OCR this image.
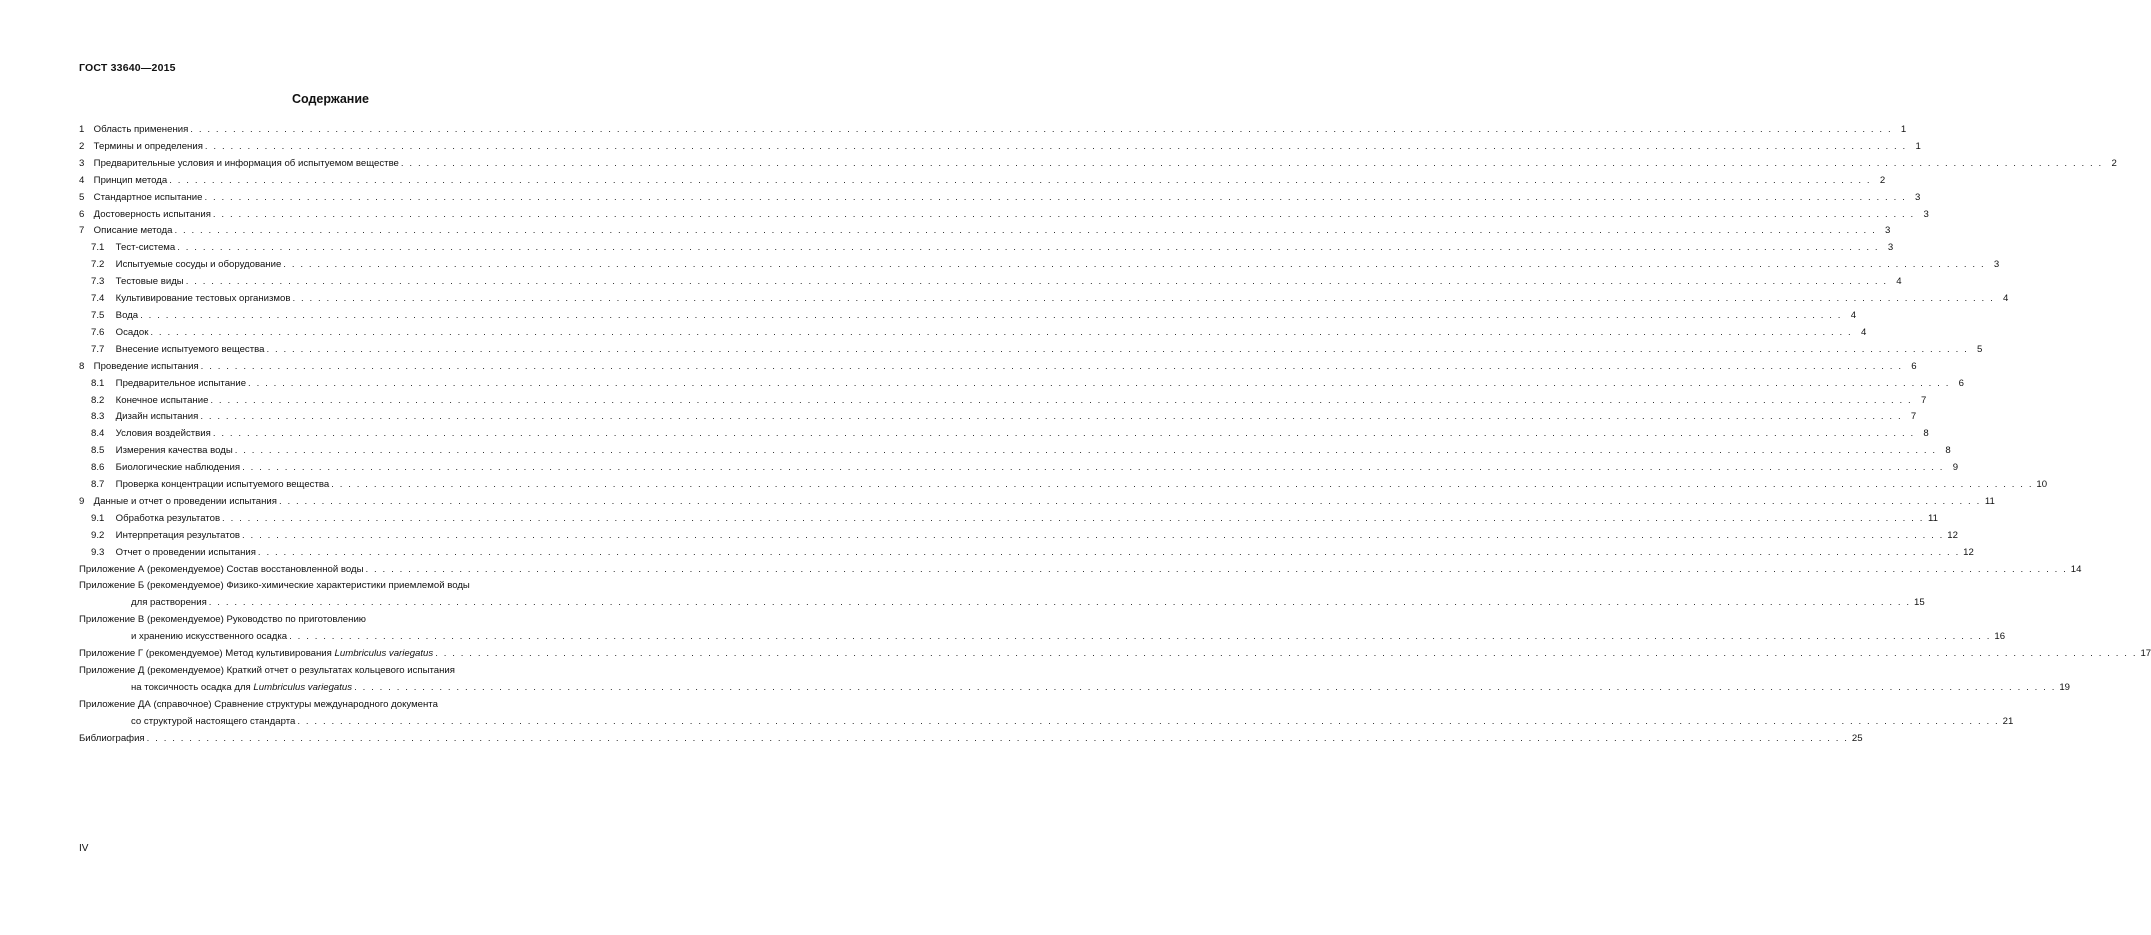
ГОСТ 33640—2015
Содержание
1 Область применения . . . . . . . . . . . . . . . . . . . . . . . . . . . . . . . . . . . . . . . . . . . . . . . . . . . . . . . . . . . . . . . . . . . . . . . . . . . . . . . . . . . . . . . . . . . . . . . . . . . . . . . . . . . . . . . . . . . . . . . . . . . . . . . . . . . . . . . . . . . . . . . . . . . . . . . . . . . . . . . . . . . . . . . . . . . . . . . . . . . . . . . . . . . . . . . . . . . . . . . . 1
2 Термины и определения . . . . . . . . . . . . . . . . . . . . . . . . . . . . . . . . . . . . . . . . . . . . . . . . . . . . . . . . . . . . . . . . . . . . . . . . . . . . . . . . . . . . . . . . . . . . . . . . . . . . . . . . . . . . . . . . . . . . . . . . . . . . . . . . . . . . . . . . . . . . . . . . . . . . . . . . . . . . . . . . . . . . . . . . . . . . . . . . . . . . . . . . . . . . . . . . . . . . . . . . 1
3 Предварительные условия и информация об испытуемом веществе . . . . . . . . . . . . . . . . . . . . . . . . . . . . . . . . . . . . . . . . . . . . . . . . . . . . . . . . . . . . . . . . . . . . . . . . . . . . . . . . . . . . . . . . . . . . . . . . . . . . . . . . . . . . . . . . . . . . . . . . . . . . . . . . . . . . . . . . . . . . . . . . . . . . . . . . . . . . . . . . . . . . . . . . . . . . . . . . . . . . . . . . . . . . . . . . . . . . . . . . 2
4 Принцип метода . . . . . . . . . . . . . . . . . . . . . . . . . . . . . . . . . . . . . . . . . . . . . . . . . . . . . . . . . . . . . . . . . . . . . . . . . . . . . . . . . . . . . . . . . . . . . . . . . . . . . . . . . . . . . . . . . . . . . . . . . . . . . . . . . . . . . . . . . . . . . . . . . . . . . . . . . . . . . . . . . . . . . . . . . . . . . . . . . . . . . . . . . . . . . . . . . . . . . . . . 2
5 Стандартное испытание . . . . . . . . . . . . . . . . . . . . . . . . . . . . . . . . . . . . . . . . . . . . . . . . . . . . . . . . . . . . . . . . . . . . . . . . . . . . . . . . . . . . . . . . . . . . . . . . . . . . . . . . . . . . . . . . . . . . . . . . . . . . . . . . . . . . . . . . . . . . . . . . . . . . . . . . . . . . . . . . . . . . . . . . . . . . . . . . . . . . . . . . . . . . . . . . . . . . . . . . 3
6 Достоверность испытания . . . . . . . . . . . . . . . . . . . . . . . . . . . . . . . . . . . . . . . . . . . . . . . . . . . . . . . . . . . . . . . . . . . . . . . . . . . . . . . . . . . . . . . . . . . . . . . . . . . . . . . . . . . . . . . . . . . . . . . . . . . . . . . . . . . . . . . . . . . . . . . . . . . . . . . . . . . . . . . . . . . . . . . . . . . . . . . . . . . . . . . . . . . . . . . . . . . . . . . . 3
7 Описание метода . . . . . . . . . . . . . . . . . . . . . . . . . . . . . . . . . . . . . . . . . . . . . . . . . . . . . . . . . . . . . . . . . . . . . . . . . . . . . . . . . . . . . . . . . . . . . . . . . . . . . . . . . . . . . . . . . . . . . . . . . . . . . . . . . . . . . . . . . . . . . . . . . . . . . . . . . . . . . . . . . . . . . . . . . . . . . . . . . . . . . . . . . . . . . . . . . . . . . . . . 3
7.1 Тест-система . . . . . . . . . . . . . . . . . . . . . . . . . . . . . . . . . . . . . . . . . . . . . . . . . . . . . . . . . . . . . . . . . . . . . . . . . . . . . . . . . . . . . . . . . . . . . . . . . . . . . . . . . . . . . . . . . . . . . . . . . . . . . . . . . . . . . . . . . . . . . . . . . . . . . . . . . . . . . . . . . . . . . . . . . . . . . . . . . . . . . . . . . . . . . . . . . . . . . . . . 3
7.2 Испытуемые сосуды и оборудование . . . . . . . . . . . . . . . . . . . . . . . . . . . . . . . . . . . . . . . . . . . . . . . . . . . . . . . . . . . . . . . . . . . . . . . . . . . . . . . . . . . . . . . . . . . . . . . . . . . . . . . . . . . . . . . . . . . . . . . . . . . . . . . . . . . . . . . . . . . . . . . . . . . . . . . . . . . . . . . . . . . . . . . . . . . . . . . . . . . . . . . . . . . . . . . . . . . . . . . . 3
7.3 Тестовые виды . . . . . . . . . . . . . . . . . . . . . . . . . . . . . . . . . . . . . . . . . . . . . . . . . . . . . . . . . . . . . . . . . . . . . . . . . . . . . . . . . . . . . . . . . . . . . . . . . . . . . . . . . . . . . . . . . . . . . . . . . . . . . . . . . . . . . . . . . . . . . . . . . . . . . . . . . . . . . . . . . . . . . . . . . . . . . . . . . . . . . . . . . . . . . . . . . . . . . . . . 4
7.4 Культивирование тестовых организмов . . . . . . . . . . . . . . . . . . . . . . . . . . . . . . . . . . . . . . . . . . . . . . . . . . . . . . . . . . . . . . . . . . . . . . . . . . . . . . . . . . . . . . . . . . . . . . . . . . . . . . . . . . . . . . . . . . . . . . . . . . . . . . . . . . . . . . . . . . . . . . . . . . . . . . . . . . . . . . . . . . . . . . . . . . . . . . . . . . . . . . . . . . . . . . . . . . . . . . . . 4
7.5 Вода . . . . . . . . . . . . . . . . . . . . . . . . . . . . . . . . . . . . . . . . . . . . . . . . . . . . . . . . . . . . . . . . . . . . . . . . . . . . . . . . . . . . . . . . . . . . . . . . . . . . . . . . . . . . . . . . . . . . . . . . . . . . . . . . . . . . . . . . . . . . . . . . . . . . . . . . . . . . . . . . . . . . . . . . . . . . . . . . . . . . . . . . . . . . . . . . . . . . . . . . 4
7.6 Осадок . . . . . . . . . . . . . . . . . . . . . . . . . . . . . . . . . . . . . . . . . . . . . . . . . . . . . . . . . . . . . . . . . . . . . . . . . . . . . . . . . . . . . . . . . . . . . . . . . . . . . . . . . . . . . . . . . . . . . . . . . . . . . . . . . . . . . . . . . . . . . . . . . . . . . . . . . . . . . . . . . . . . . . . . . . . . . . . . . . . . . . . . . . . . . . . . . . . . . . . . 4
7.7 Внесение испытуемого вещества . . . . . . . . . . . . . . . . . . . . . . . . . . . . . . . . . . . . . . . . . . . . . . . . . . . . . . . . . . . . . . . . . . . . . . . . . . . . . . . . . . . . . . . . . . . . . . . . . . . . . . . . . . . . . . . . . . . . . . . . . . . . . . . . . . . . . . . . . . . . . . . . . . . . . . . . . . . . . . . . . . . . . . . . . . . . . . . . . . . . . . . . . . . . . . . . . . . . . . . . 5
8 Проведение испытания . . . . . . . . . . . . . . . . . . . . . . . . . . . . . . . . . . . . . . . . . . . . . . . . . . . . . . . . . . . . . . . . . . . . . . . . . . . . . . . . . . . . . . . . . . . . . . . . . . . . . . . . . . . . . . . . . . . . . . . . . . . . . . . . . . . . . . . . . . . . . . . . . . . . . . . . . . . . . . . . . . . . . . . . . . . . . . . . . . . . . . . . . . . . . . . . . . . . . . . . 6
8.1 Предварительное испытание . . . . . . . . . . . . . . . . . . . . . . . . . . . . . . . . . . . . . . . . . . . . . . . . . . . . . . . . . . . . . . . . . . . . . . . . . . . . . . . . . . . . . . . . . . . . . . . . . . . . . . . . . . . . . . . . . . . . . . . . . . . . . . . . . . . . . . . . . . . . . . . . . . . . . . . . . . . . . . . . . . . . . . . . . . . . . . . . . . . . . . . . . . . . . . . . . . . . . . . . 6
8.2 Конечное испытание . . . . . . . . . . . . . . . . . . . . . . . . . . . . . . . . . . . . . . . . . . . . . . . . . . . . . . . . . . . . . . . . . . . . . . . . . . . . . . . . . . . . . . . . . . . . . . . . . . . . . . . . . . . . . . . . . . . . . . . . . . . . . . . . . . . . . . . . . . . . . . . . . . . . . . . . . . . . . . . . . . . . . . . . . . . . . . . . . . . . . . . . . . . . . . . . . . . . . . . . 7
8.3 Дизайн испытания . . . . . . . . . . . . . . . . . . . . . . . . . . . . . . . . . . . . . . . . . . . . . . . . . . . . . . . . . . . . . . . . . . . . . . . . . . . . . . . . . . . . . . . . . . . . . . . . . . . . . . . . . . . . . . . . . . . . . . . . . . . . . . . . . . . . . . . . . . . . . . . . . . . . . . . . . . . . . . . . . . . . . . . . . . . . . . . . . . . . . . . . . . . . . . . . . . . . . . . . 7
8.4 Условия воздействия . . . . . . . . . . . . . . . . . . . . . . . . . . . . . . . . . . . . . . . . . . . . . . . . . . . . . . . . . . . . . . . . . . . . . . . . . . . . . . . . . . . . . . . . . . . . . . . . . . . . . . . . . . . . . . . . . . . . . . . . . . . . . . . . . . . . . . . . . . . . . . . . . . . . . . . . . . . . . . . . . . . . . . . . . . . . . . . . . . . . . . . . . . . . . . . . . . . . . . . . 8
8.5 Измерения качества воды . . . . . . . . . . . . . . . . . . . . . . . . . . . . . . . . . . . . . . . . . . . . . . . . . . . . . . . . . . . . . . . . . . . . . . . . . . . . . . . . . . . . . . . . . . . . . . . . . . . . . . . . . . . . . . . . . . . . . . . . . . . . . . . . . . . . . . . . . . . . . . . . . . . . . . . . . . . . . . . . . . . . . . . . . . . . . . . . . . . . . . . . . . . . . . . . . . . . . . . . 8
8.6 Биологические наблюдения . . . . . . . . . . . . . . . . . . . . . . . . . . . . . . . . . . . . . . . . . . . . . . . . . . . . . . . . . . . . . . . . . . . . . . . . . . . . . . . . . . . . . . . . . . . . . . . . . . . . . . . . . . . . . . . . . . . . . . . . . . . . . . . . . . . . . . . . . . . . . . . . . . . . . . . . . . . . . . . . . . . . . . . . . . . . . . . . . . . . . . . . . . . . . . . . . . . . . . . . 9
8.7 Проверка концентрации испытуемого вещества . . . . . . . . . . . . . . . . . . . . . . . . . . . . . . . . . . . . . . . . . . . . . . . . . . . . . . . . . . . . . . . . . . . . . . . . . . . . . . . . . . . . . . . . . . . . . . . . . . . . . . . . . . . . . . . . . . . . . . . . . . . . . . . . . . . . . . . . . . . . . . . . . . . . . . . . . . . . . . . . . . . . . . . . . . . . . . . . . . . . . . . . . . . . . . . . . . . . . . . . 10
9 Данные и отчет о проведении испытания . . . . . . . . . . . . . . . . . . . . . . . . . . . . . . . . . . . . . . . . . . . . . . . . . . . . . . . . . . . . . . . . . . . . . . . . . . . . . . . . . . . . . . . . . . . . . . . . . . . . . . . . . . . . . . . . . . . . . . . . . . . . . . . . . . . . . . . . . . . . . . . . . . . . . . . . . . . . . . . . . . . . . . . . . . . . . . . . . . . . . . . . . . . . . . . . . . . . . . . . 11
9.1 Обработка результатов . . . . . . . . . . . . . . . . . . . . . . . . . . . . . . . . . . . . . . . . . . . . . . . . . . . . . . . . . . . . . . . . . . . . . . . . . . . . . . . . . . . . . . . . . . . . . . . . . . . . . . . . . . . . . . . . . . . . . . . . . . . . . . . . . . . . . . . . . . . . . . . . . . . . . . . . . . . . . . . . . . . . . . . . . . . . . . . . . . . . . . . . . . . . . . . . . . . . . . . . 11
9.2 Интерпретация результатов . . . . . . . . . . . . . . . . . . . . . . . . . . . . . . . . . . . . . . . . . . . . . . . . . . . . . . . . . . . . . . . . . . . . . . . . . . . . . . . . . . . . . . . . . . . . . . . . . . . . . . . . . . . . . . . . . . . . . . . . . . . . . . . . . . . . . . . . . . . . . . . . . . . . . . . . . . . . . . . . . . . . . . . . . . . . . . . . . . . . . . . . . . . . . . . . . . . . . . . . 12
9.3 Отчет о проведении испытания . . . . . . . . . . . . . . . . . . . . . . . . . . . . . . . . . . . . . . . . . . . . . . . . . . . . . . . . . . . . . . . . . . . . . . . . . . . . . . . . . . . . . . . . . . . . . . . . . . . . . . . . . . . . . . . . . . . . . . . . . . . . . . . . . . . . . . . . . . . . . . . . . . . . . . . . . . . . . . . . . . . . . . . . . . . . . . . . . . . . . . . . . . . . . . . . . . . . . . . . 12
Приложение А (рекомендуемое) Состав восстановленной воды . . . . . . . . . . . . . . . . . . . . . . . . . . . . . . . . . . . . . . . . . . . . . . . . . . . . . . . . . . . . . . . . . . . . . . . . . . . . . . . . . . . . . . . . . . . . . . . . . . . . . . . . . . . . . . . . . . . . . . . . . . . . . . . . . . . . . . . . . . . . . . . . . . . . . . . . . . . . . . . . . . . . . . . . . . . . . . . . . . . . . . . . . . . . . . . . . . . . . . . . 14
Приложение Б (рекомендуемое) Физико-химические характеристики приемлемой воды
для растворения . . . . . . . . . . . . . . . . . . . . . . . . . . . . . . . . . . . . . . . . . . . . . . . . . . . . . . . . . . . . . . . . . . . . . . . . . . . . . . . . . . . . . . . . . . . . . . . . . . . . . . . . . . . . . . . . . . . . . . . . . . . . . . . . . . . . . . . . . . . . . . . . . . . . . . . . . . . . . . . . . . . . . . . . . . . . . . . . . . . . . . . . . . . . . . . . . . . . . . . . 15
Приложение В (рекомендуемое) Руководство по приготовлению
и хранению искусственного осадка . . . . . . . . . . . . . . . . . . . . . . . . . . . . . . . . . . . . . . . . . . . . . . . . . . . . . . . . . . . . . . . . . . . . . . . . . . . . . . . . . . . . . . . . . . . . . . . . . . . . . . . . . . . . . . . . . . . . . . . . . . . . . . . . . . . . . . . . . . . . . . . . . . . . . . . . . . . . . . . . . . . . . . . . . . . . . . . . . . . . . . . . . . . . . . . . . . . . . . . . 16
Приложение Г (рекомендуемое) Метод культивирования Lumbriculus variegatus . . . . . . . . . . . . . . . . . . . . . . . . . . . . . . . . . . . . . . . . . . . . . . . . . . . . . . . . . . . . . . . . . . . . . . . . . . . . . . . . . . . . . . . . . . . . . . . . . . . . . . . . . . . . . . . . . . . . . . . . . . . . . . . . . . . . . . . . . . . . . . . . . . . . . . . . . . . . . . . . . . . . . . . . . . . . . . . . . . . . . . . . . . . . . . . . . . . . . . . . 17
Приложение Д (рекомендуемое) Краткий отчет о результатах кольцевого испытания
на токсичность осадка для Lumbriculus variegatus . . . . . . . . . . . . . . . . . . . . . . . . . . . . . . . . . . . . . . . . . . . . . . . . . . . . . . . . . . . . . . . . . . . . . . . . . . . . . . . . . . . . . . . . . . . . . . . . . . . . . . . . . . . . . . . . . . . . . . . . . . . . . . . . . . . . . . . . . . . . . . . . . . . . . . . . . . . . . . . . . . . . . . . . . . . . . . . . . . . . . . . . . . . . . . . . . . . . . . . . 19
Приложение ДА (справочное) Сравнение структуры международного документа
со структурой настоящего стандарта . . . . . . . . . . . . . . . . . . . . . . . . . . . . . . . . . . . . . . . . . . . . . . . . . . . . . . . . . . . . . . . . . . . . . . . . . . . . . . . . . . . . . . . . . . . . . . . . . . . . . . . . . . . . . . . . . . . . . . . . . . . . . . . . . . . . . . . . . . . . . . . . . . . . . . . . . . . . . . . . . . . . . . . . . . . . . . . . . . . . . . . . . . . . . . . . . . . . . . . . 21
Библиография . . . . . . . . . . . . . . . . . . . . . . . . . . . . . . . . . . . . . . . . . . . . . . . . . . . . . . . . . . . . . . . . . . . . . . . . . . . . . . . . . . . . . . . . . . . . . . . . . . . . . . . . . . . . . . . . . . . . . . . . . . . . . . . . . . . . . . . . . . . . . . . . . . . . . . . . . . . . . . . . . . . . . . . . . . . . . . . . . . . . . . . . . . . . . . . . . . . . . . . . 25
IV
